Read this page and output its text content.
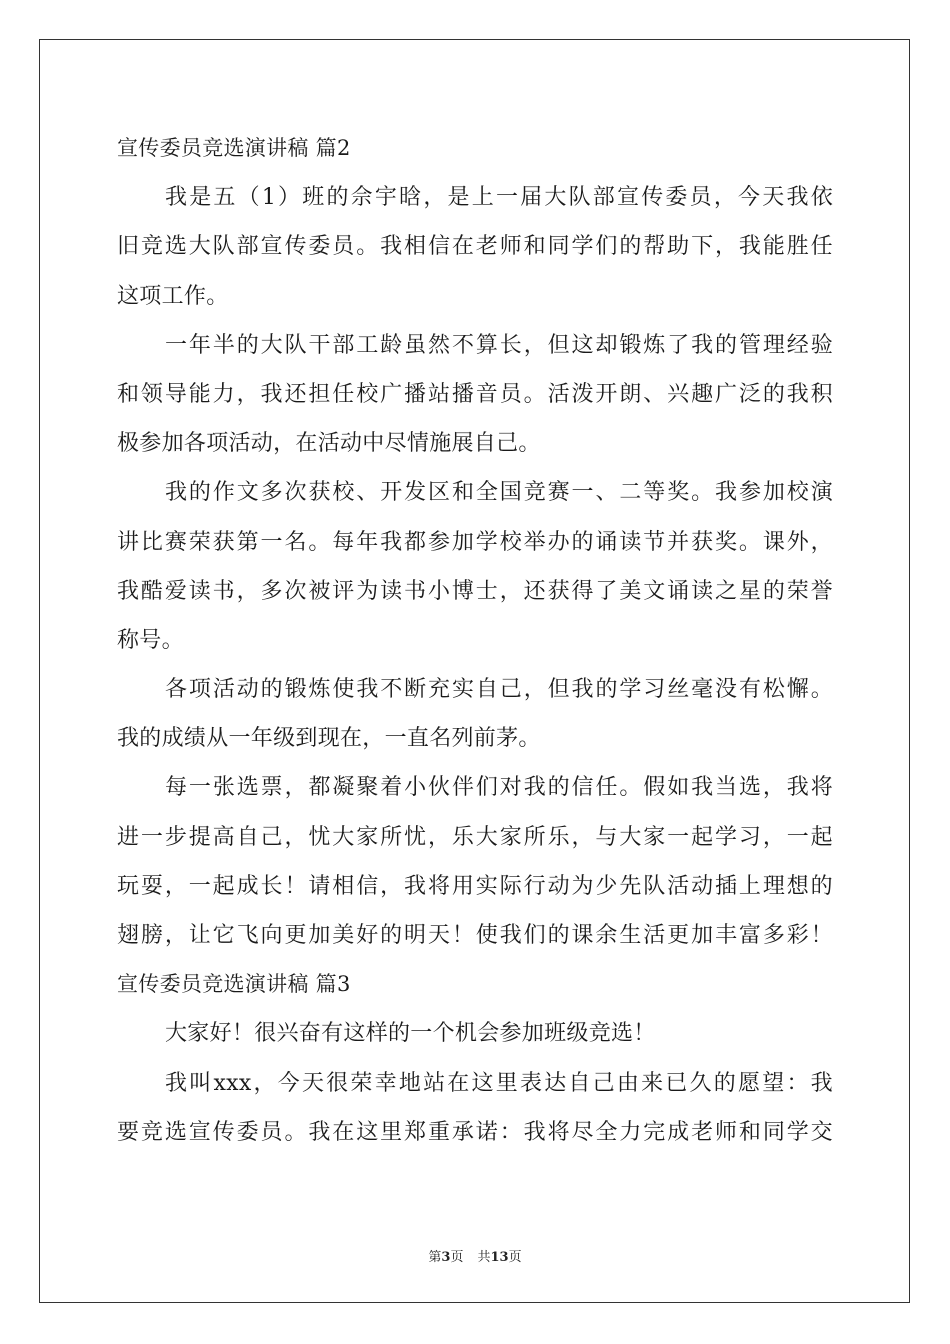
宣传委员竞选演讲稿 篇2
我是五（1）班的佘宇晗，是上一届大队部宣传委员，今天我依
旧竞选大队部宣传委员。我相信在老师和同学们的帮助下，我能胜任
这项工作。
一年半的大队干部工龄虽然不算长，但这却锻炼了我的管理经验
和领导能力，我还担任校广播站播音员。活泼开朗、兴趣广泛的我积
极参加各项活动，在活动中尽情施展自己。
我的作文多次获校、开发区和全国竞赛一、二等奖。我参加校演
讲比赛荣获第一名。每年我都参加学校举办的诵读节并获奖。课外，
我酷爱读书，多次被评为读书小博士，还获得了美文诵读之星的荣誉
称号。
各项活动的锻炼使我不断充实自己，但我的学习丝毫没有松懈。
我的成绩从一年级到现在，一直名列前茅。
每一张选票，都凝聚着小伙伴们对我的信任。假如我当选，我将
进一步提高自己，忧大家所忧，乐大家所乐，与大家一起学习，一起
玩耍，一起成长！请相信，我将用实际行动为少先队活动插上理想的
翅膀，让它飞向更加美好的明天！使我们的课余生活更加丰富多彩！
宣传委员竞选演讲稿 篇3
大家好！很兴奋有这样的一个机会参加班级竞选！
我叫xxx，今天很荣幸地站在这里表达自己由来已久的愿望：我
要竞选宣传委员。我在这里郑重承诺：我将尽全力完成老师和同学交
第3页 共13页
